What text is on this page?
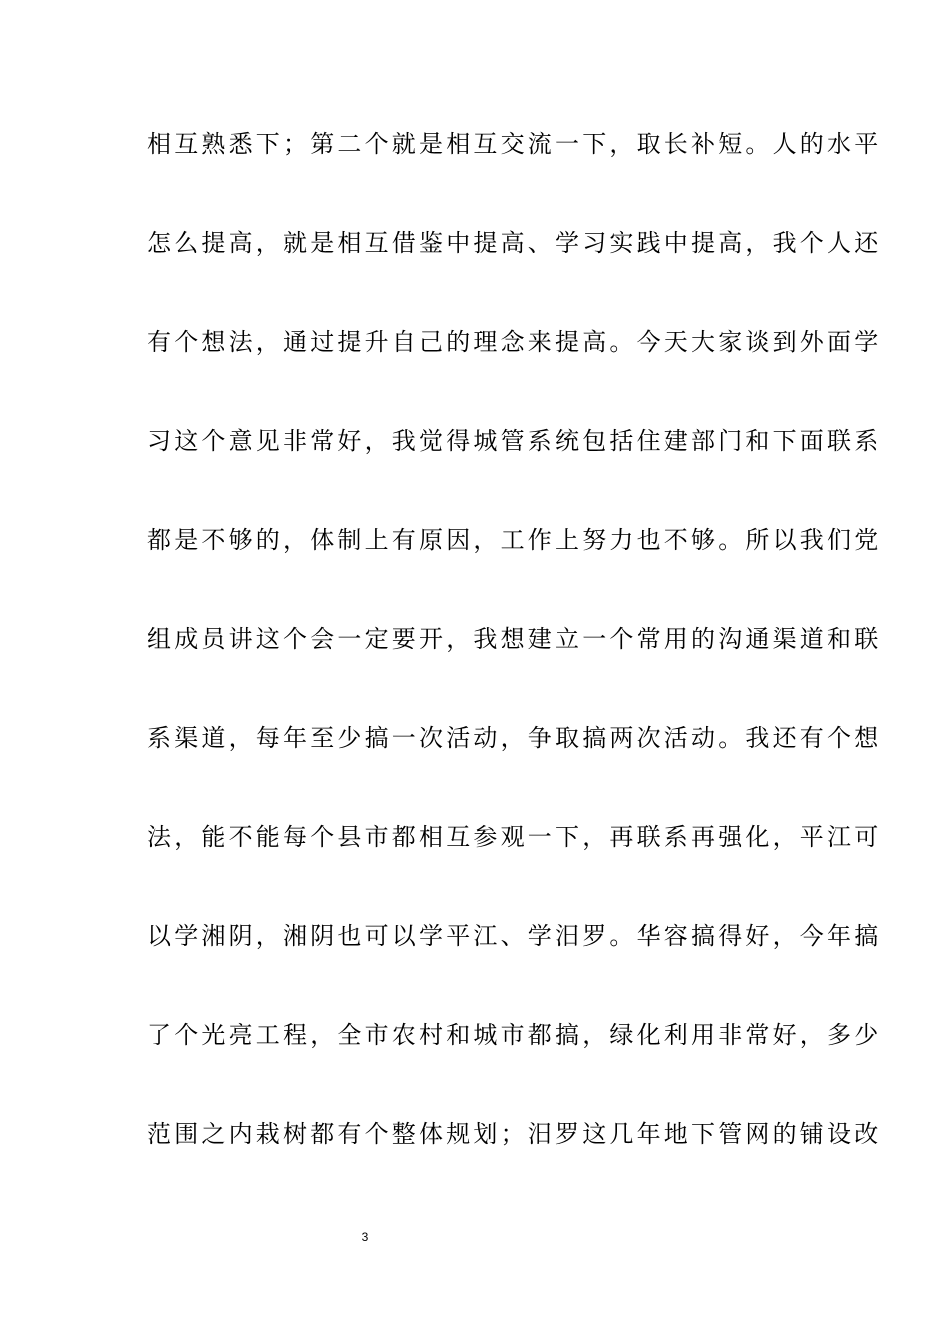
相互熟悉下；第二个就是相互交流一下，取长补短。人的水平
怎么提高，就是相互借鉴中提高、学习实践中提高，我个人还
有个想法，通过提升自己的理念来提高。今天大家谈到外面学
习这个意见非常好，我觉得城管系统包括住建部门和下面联系
都是不够的，体制上有原因，工作上努力也不够。所以我们党
组成员讲这个会一定要开，我想建立一个常用的沟通渠道和联
系渠道，每年至少搞一次活动，争取搞两次活动。我还有个想
法，能不能每个县市都相互参观一下，再联系再强化，平江可
以学湘阴，湘阴也可以学平江、学汨罗。华容搞得好，今年搞
了个光亮工程，全市农村和城市都搞，绿化利用非常好，多少
范围之内栽树都有个整体规划；汨罗这几年地下管网的铺设改
3
